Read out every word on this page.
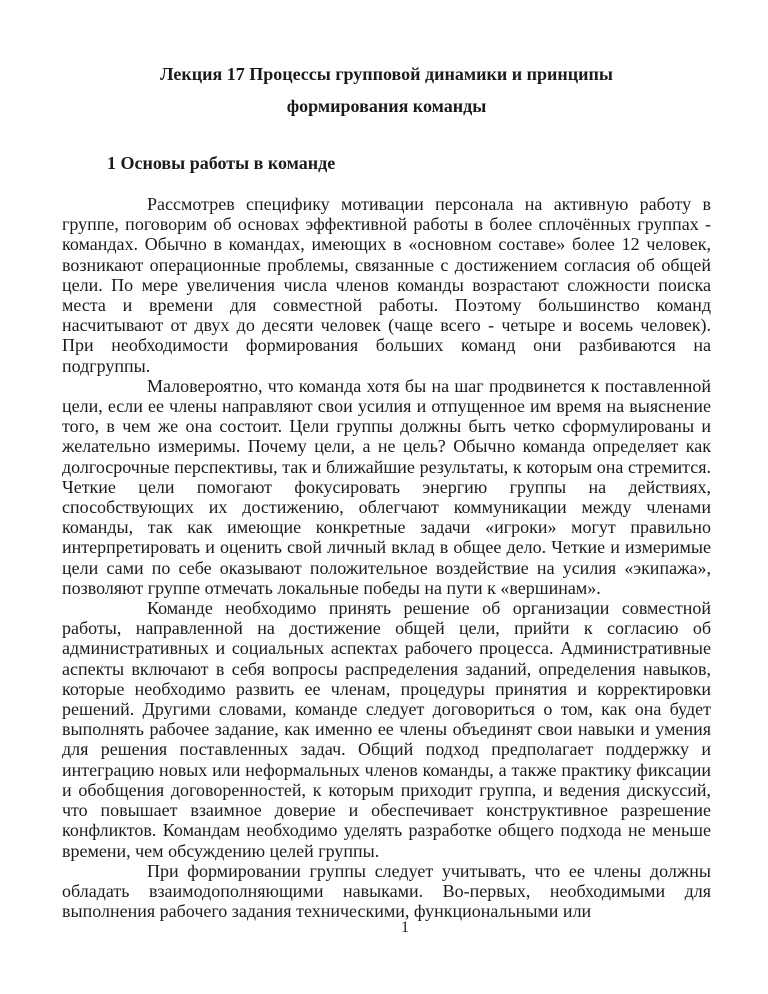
Лекция 17 Процессы групповой динамики и принципы
формирования команды
1 Основы работы в команде

Рассмотрев специфику мотивации персонала на активную работу в группе, поговорим об основах эффективной работы в более сплочённых группах - командах. Обычно в командах, имеющих в «основном составе» более 12 человек, возникают операционные проблемы, связанные с достижением согласия об общей цели. По мере увеличения числа членов команды возрастают сложности поиска места и времени для совместной работы. Поэтому большинство команд насчитывают от двух до десяти человек (чаще всего - четыре и восемь человек). При необходимости формирования больших команд они разбиваются на подгруппы.

Маловероятно, что команда хотя бы на шаг продвинется к поставленной цели, если ее члены направляют свои усилия и отпущенное им время на выяснение того, в чем же она состоит. Цели группы должны быть четко сформулированы и желательно измеримы. Почему цели, а не цель? Обычно команда определяет как долгосрочные перспективы, так и ближайшие результаты, к которым она стремится. Четкие цели помогают фокусировать энергию группы на действиях, способствующих их достижению, облегчают коммуникации между членами команды, так как имеющие конкретные задачи «игроки» могут правильно интерпретировать и оценить свой личный вклад в общее дело. Четкие и измеримые цели сами по себе оказывают положительное воздействие на усилия «экипажа», позволяют группе отмечать локальные победы на пути к «вершинам».

Команде необходимо принять решение об организации совместной работы, направленной на достижение общей цели, прийти к согласию об административных и социальных аспектах рабочего процесса. Административные аспекты включают в себя вопросы распределения заданий, определения навыков, которые необходимо развить ее членам, процедуры принятия и корректировки решений. Другими словами, команде следует договориться о том, как она будет выполнять рабочее задание, как именно ее члены объединят свои навыки и умения для решения поставленных задач. Общий подход предполагает поддержку и интеграцию новых или неформальных членов команды, а также практику фиксации и обобщения договоренностей, к которым приходит группа, и ведения дискуссий, что повышает взаимное доверие и обеспечивает конструктивное разрешение конфликтов. Командам необходимо уделять разработке общего подхода не меньше времени, чем обсуждению целей группы.

При формировании группы следует учитывать, что ее члены должны обладать взаимодополняющими навыками. Во-первых, необходимыми для выполнения рабочего задания техническими, функциональными или

1
